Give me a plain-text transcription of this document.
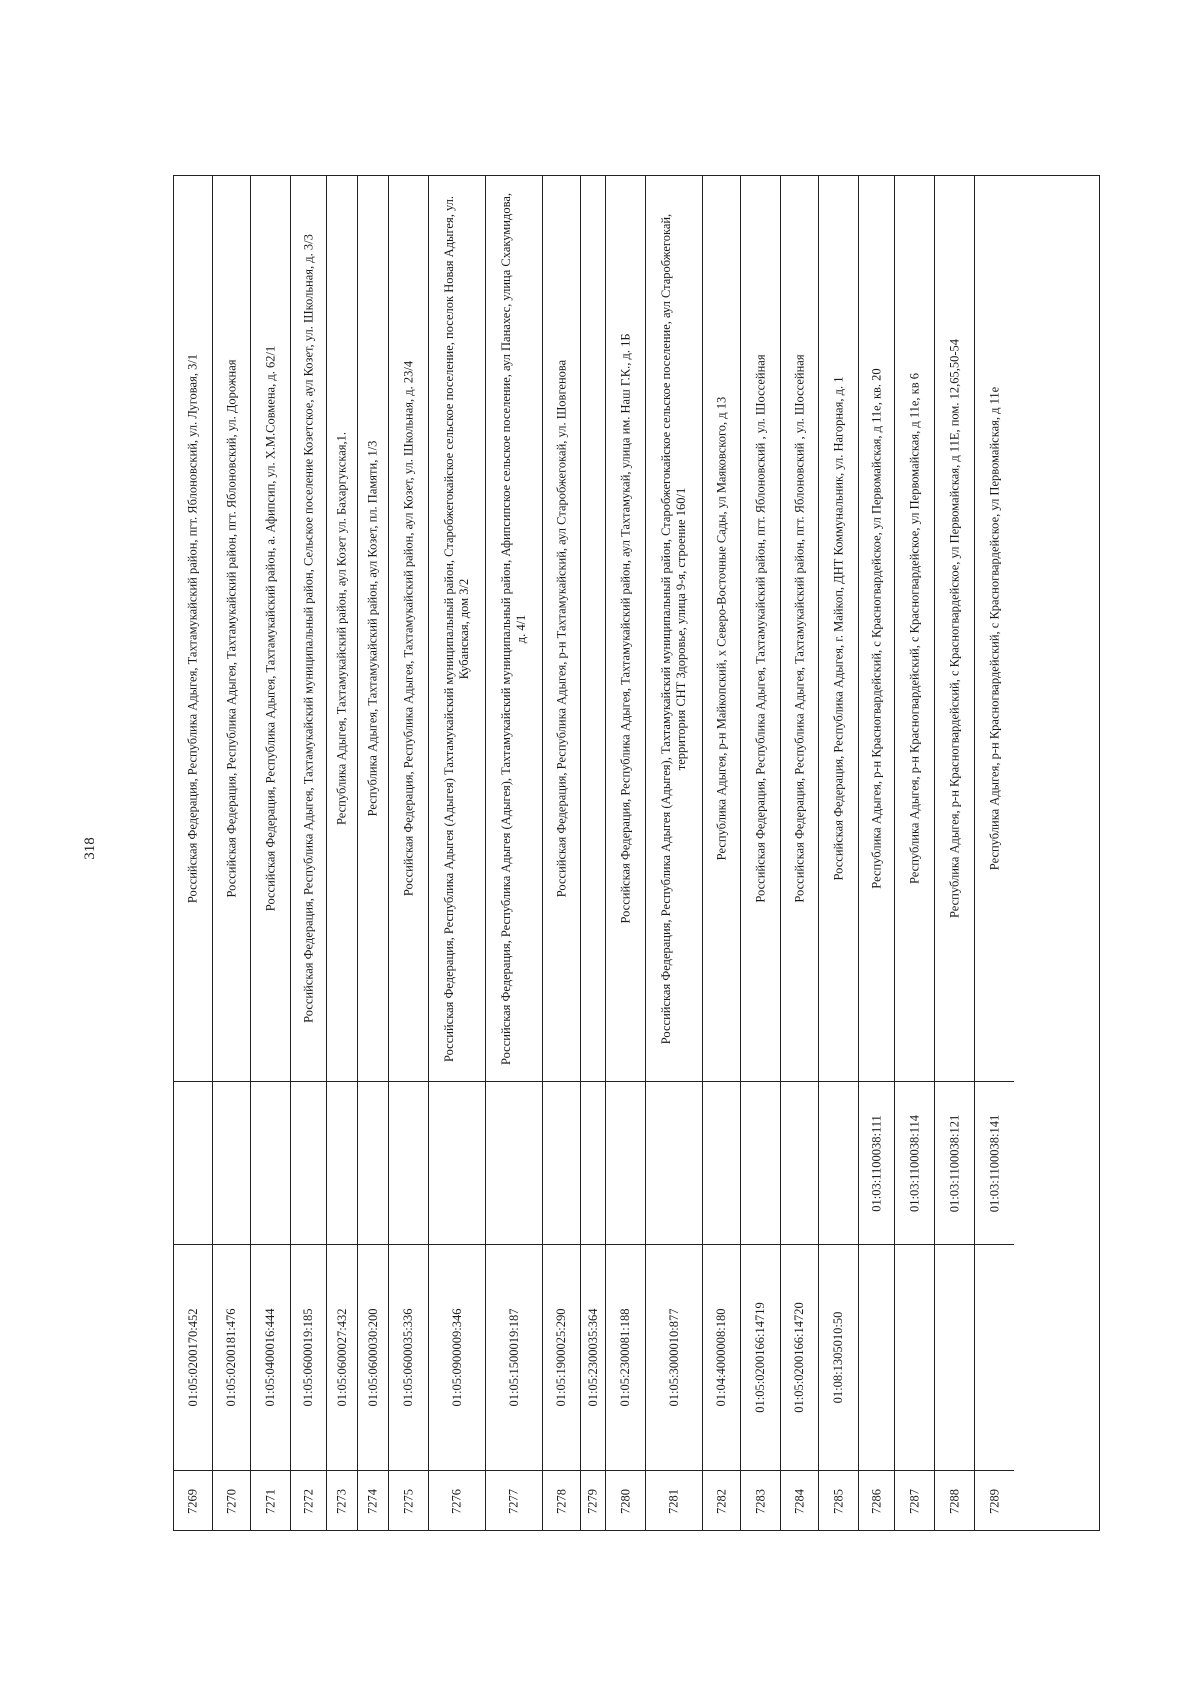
318	Российская Федерация, Республика Адыгея, Тахтамукайский район, пгт. Яблоновский, ул. Луговая, 3/1
01:05:0200170:452
7269
Российская Федерация, Республика Адыгея, Тахтамукайский район, пгт. Яблоновский, ул. Дорожная
01:05:0200181:476
7270
Российская Федерация, Республика Адыгея, Тахтамукайский район, а. Афипсип, ул. Х.М.Совмена, д. 62/1
01:05:0400016:444
7271
Российская Федерация, Республика Адыгея, Тахтамукайский муниципальный район, Сельское поселение Козетское, аул Козет, ул. Школьная, д. 3/3
01:05:0600019:185
7272
Республика Адыгея, Тахтамукайский район, аул Козет ул. Бахаргукская,1.
01:05:0600027:432
7273
Республика Адыгея, Тахтамукайский район, аул Козет, пл. Памяти, 1/3
01:05:0600030:200
7274
Российская Федерация, Республика Адыгея, Тахтамукайский район, аул Козет, ул. Школьная, д. 23/4
01:05:0600035:336
7275
Российская Федерация, Республика Адыгея (Адыгея) Тахтамукайский муниципальный район, Старобжегокайское сельское поселение, поселок Новая Адыгея, ул. Кубанская, дом 3/2
01:05:0900009:346
7276
Российская Федерация, Республика Адыгея (Адыгея), Тахтамукайский муниципальный район, Афипсипское сельское поселение, аул Панахес, улица Схакумидова, д. 4/1
01:05:1500019:187
7277
Российская Федерация, Республика Адыгея, р-н Тахтамукайский, аул Старобжегокай, ул. Шовгенова
01:05:1900025:290
7278
01:05:2300035:364
7279
Российская Федерация, Республика Адыгея, Тахтамукайский район, аул Тахтамукай, улица им. Наш Г.К., д. 1Б
01:05:2300081:188
7280
Российская Федерация, Республика Адыгея (Адыгея), Тахтамукайский муниципальный район, Старобжегокайское сельское поселение, аул Старобжегокай, территория СНТ Здоровье, улица 9-я, строение 160/1
01:05:3000010:877
7281
Республика Адыгея, р-н Майкопский, х Северо-Восточные Сады, ул Маяковского, д 13
01:04:4000008:180
7282
Российская Федерация, Республика Адыгея, Тахтамукайский район, пгт. Яблоновский , ул. Шоссейная
01:05:0200166:14719
7283
Российская Федерация, Республика Адыгея, Тахтамукайский район, пгт. Яблоновский , ул. Шоссейная
01:05:0200166:14720
7284
Российская Федерация, Республика Адыгея, г. Майкоп, ДНТ Коммунальник, ул. Нагорная, д. 1
01:08:1305010:50
7285
Республика Адыгея, р-н Красногвардейский, с Красногвардейское, ул Первомайская, д 11е, кв. 20
01:03:1100038:111
7286
Республика Адыгея, р-н Красногвардейский, с Красногвардейское, ул Первомайская, д 11е, кв 6
01:03:1100038:114
7287
Республика Адыгея, р-н Красногвардейский, с Красногвардейское, ул Первомайская, д 11Е, пом. 12,65,50-54
01:03:1100038:121
7288
Республика Адыгея, р-н Красногвардейский, с Красногвардейское, ул Первомайская, д 11е
01:03:1100038:141
7289
